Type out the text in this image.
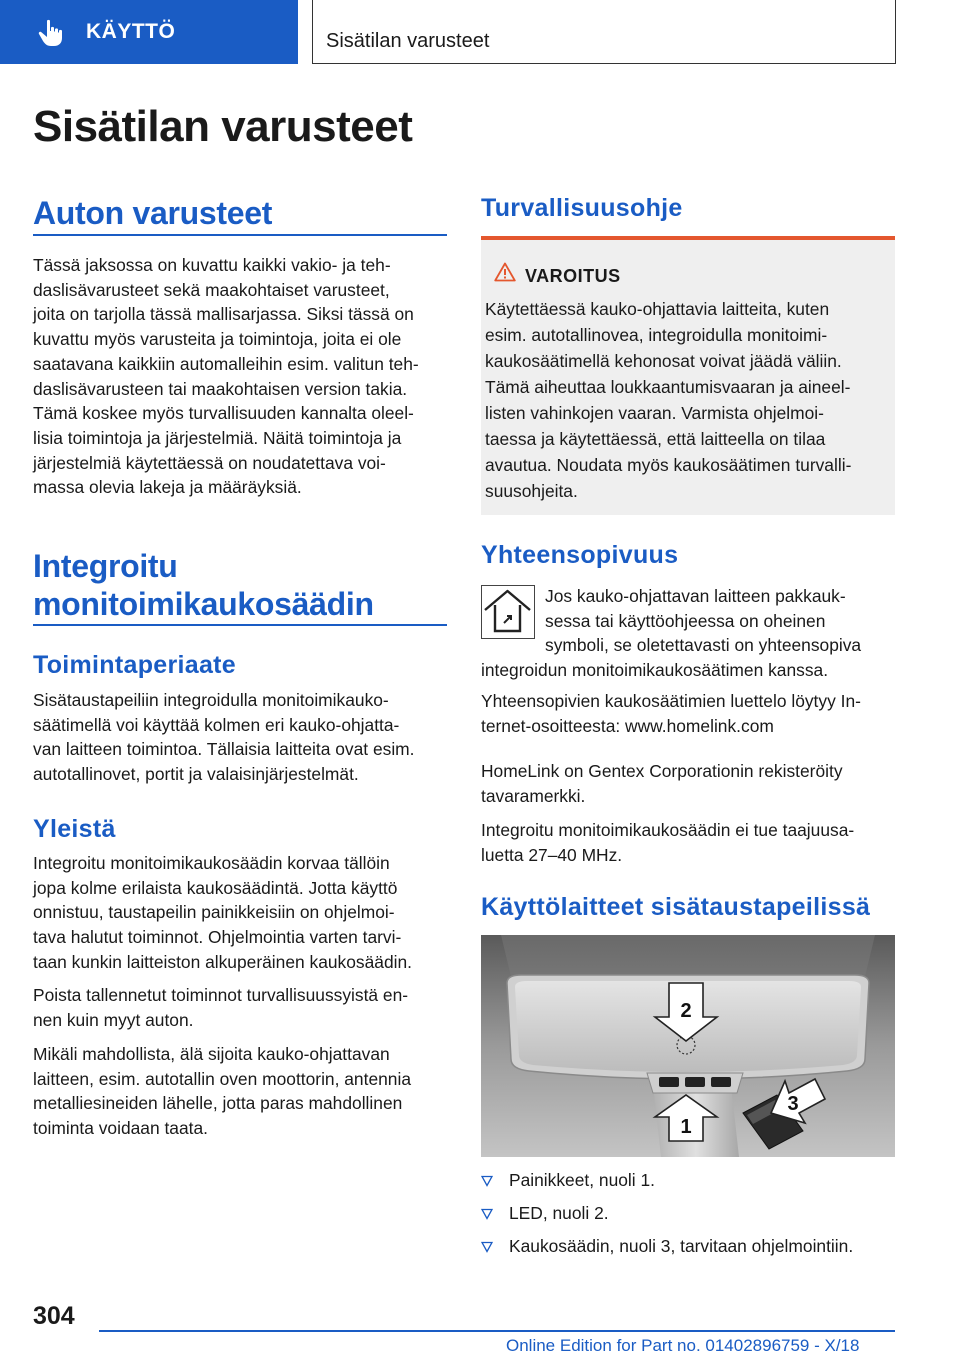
KÄYTTÖ	Sisätilan varusteet
Sisätilan varusteet
Auton varusteet
Tässä jaksossa on kuvattu kaikki vakio- ja teh-
daslisävarusteet sekä maakohtaiset varusteet,
joita on tarjolla tässä mallisarjassa. Siksi tässä on
kuvattu myös varusteita ja toimintoja, joita ei ole
saatavana kaikkiin automalleihin esim. valitun teh-
daslisävarusteen tai maakohtaisen version takia.
Tämä koskee myös turvallisuuden kannalta oleel-
lisia toimintoja ja järjestelmiä. Näitä toimintoja ja
järjestelmiä käytettäessä on noudatettava voi-
massa olevia lakeja ja määräyksiä.
Integroitu
monitoimikaukosäädin
Toimintaperiaate
Sisätaustapeiliin integroidulla monitoimikauko-
säätimellä voi käyttää kolmen eri kauko-ohjatta-
van laitteen toimintoa. Tällaisia laitteita ovat esim.
autotallinovet, portit ja valaisinjärjestelmät.
Yleistä
Integroitu monitoimikaukosäädin korvaa tällöin
jopa kolme erilaista kaukosäädintä. Jotta käyttö
onnistuu, taustapeilin painikkeisiin on ohjelmoi-
tava halutut toiminnot. Ohjelmointia varten tarvi-
taan kunkin laitteiston alkuperäinen kaukosäädin.
Poista tallennetut toiminnot turvallisuussyistä en-
nen kuin myyt auton.
Mikäli mahdollista, älä sijoita kauko-ohjattavan
laitteen, esim. autotallin oven moottorin, antennia
metalliesineiden lähelle, jotta paras mahdollinen
toiminta voidaan taata.
Turvallisuusohje
VAROITUS
Käytettäessä kauko-ohjattavia laitteita, kuten
esim. autotallinovea, integroidulla monitoimi-
kaukosäätimellä kehonosat voivat jäädä väliin.
Tämä aiheuttaa loukkaantumisvaaran ja aineel-
listen vahinkojen vaaran. Varmista ohjelmoi-
taessa ja käytettäessä, että laitteella on tilaa
avautua. Noudata myös kaukosäätimen turvalli-
suusohjeita.
Yhteensopivuus
Jos kauko-ohjattavan laitteen pakkauk-
sessa tai käyttöohjeessa on oheinen
symboli, se oletettavasti on yhteensopiva
integroidun monitoimikaukosäätimen kanssa.
Yhteensopivien kaukosäätimien luettelo löytyy In-
ternet-osoitteesta: www.homelink.com
HomeLink on Gentex Corporationin rekisteröity
tavaramerkki.
Integroitu monitoimikaukosäädin ei tue taajuusa-
luetta 27–40 MHz.
Käyttölaitteet sisätaustapeilissä
2
1
3
Painikkeet, nuoli 1.
LED, nuoli 2.
Kaukosäädin, nuoli 3, tarvitaan ohjelmointiin.
304
Online Edition for Part no. 01402896759 - X/18
